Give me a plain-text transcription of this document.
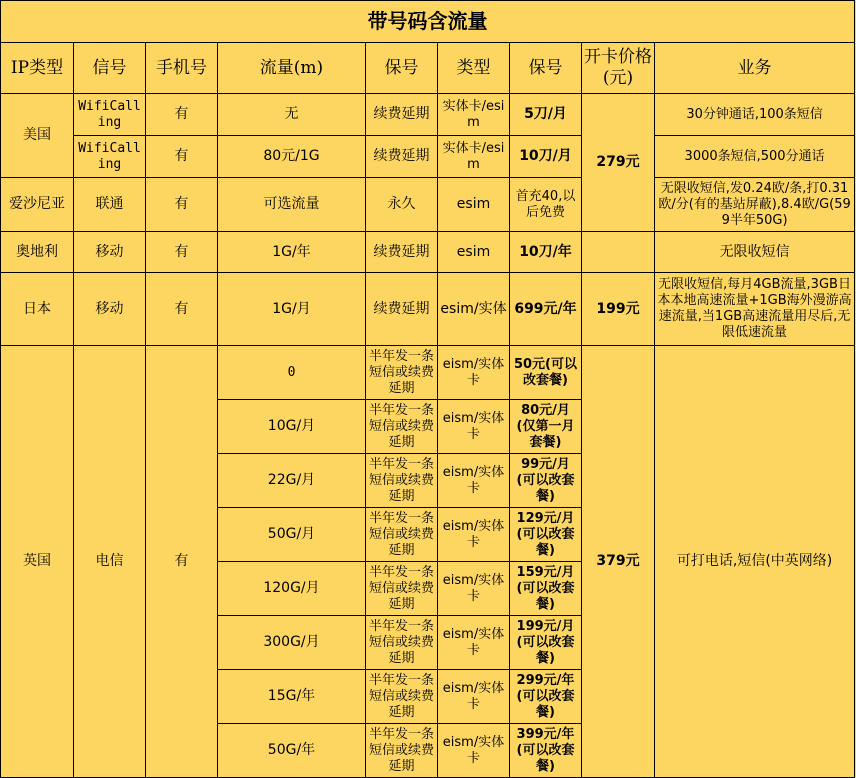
带号码含流量								
IP类型	信号	手机号	流量(m)	保号	类型	保号	开卡价格(元)	业务
美国	WifiCalling	有	无	续费延期	实体卡/esim	5刀/月	279元	30分钟通话,100条短信
	WifiCalling	有	80元/1G	续费延期	实体卡/esim	10刀/月		3000条短信,500分通话
爱沙尼亚	联通	有	可选流量	永久	esim	首充40,以后免费		无限收短信,发0.24欧/条,打0.31欧/分(有的基站屏蔽),8.4欧/G(599半年50G)
奥地利	移动	有	1G/年	续费延期	esim	10刀/年		无限收短信
日本	移动	有	1G/月	续费延期	esim/实体	699元/年	199元	无限收短信,每月4GB流量,3GB日本本地高速流量+1GB海外漫游高速流量,当1GB高速流量用尽后,无限低速流量
英国	电信	有	0	半年发一条短信或续费延期	eism/实体卡	50元(可以改套餐)	379元	可打电话,短信(中英网络)
			10G/月	半年发一条短信或续费延期	eism/实体卡	80元/月(仅第一月套餐)		
			22G/月	半年发一条短信或续费延期	eism/实体卡	99元/月(可以改套餐)		
			50G/月	半年发一条短信或续费延期	eism/实体卡	129元/月(可以改套餐)		
			120G/月	半年发一条短信或续费延期	eism/实体卡	159元/月(可以改套餐)		
			300G/月	半年发一条短信或续费延期	eism/实体卡	199元/月(可以改套餐)		
			15G/年	半年发一条短信或续费延期	eism/实体卡	299元/年(可以改套餐)		
			50G/年	半年发一条短信或续费延期	eism/实体卡	399元/年(可以改套餐)		
